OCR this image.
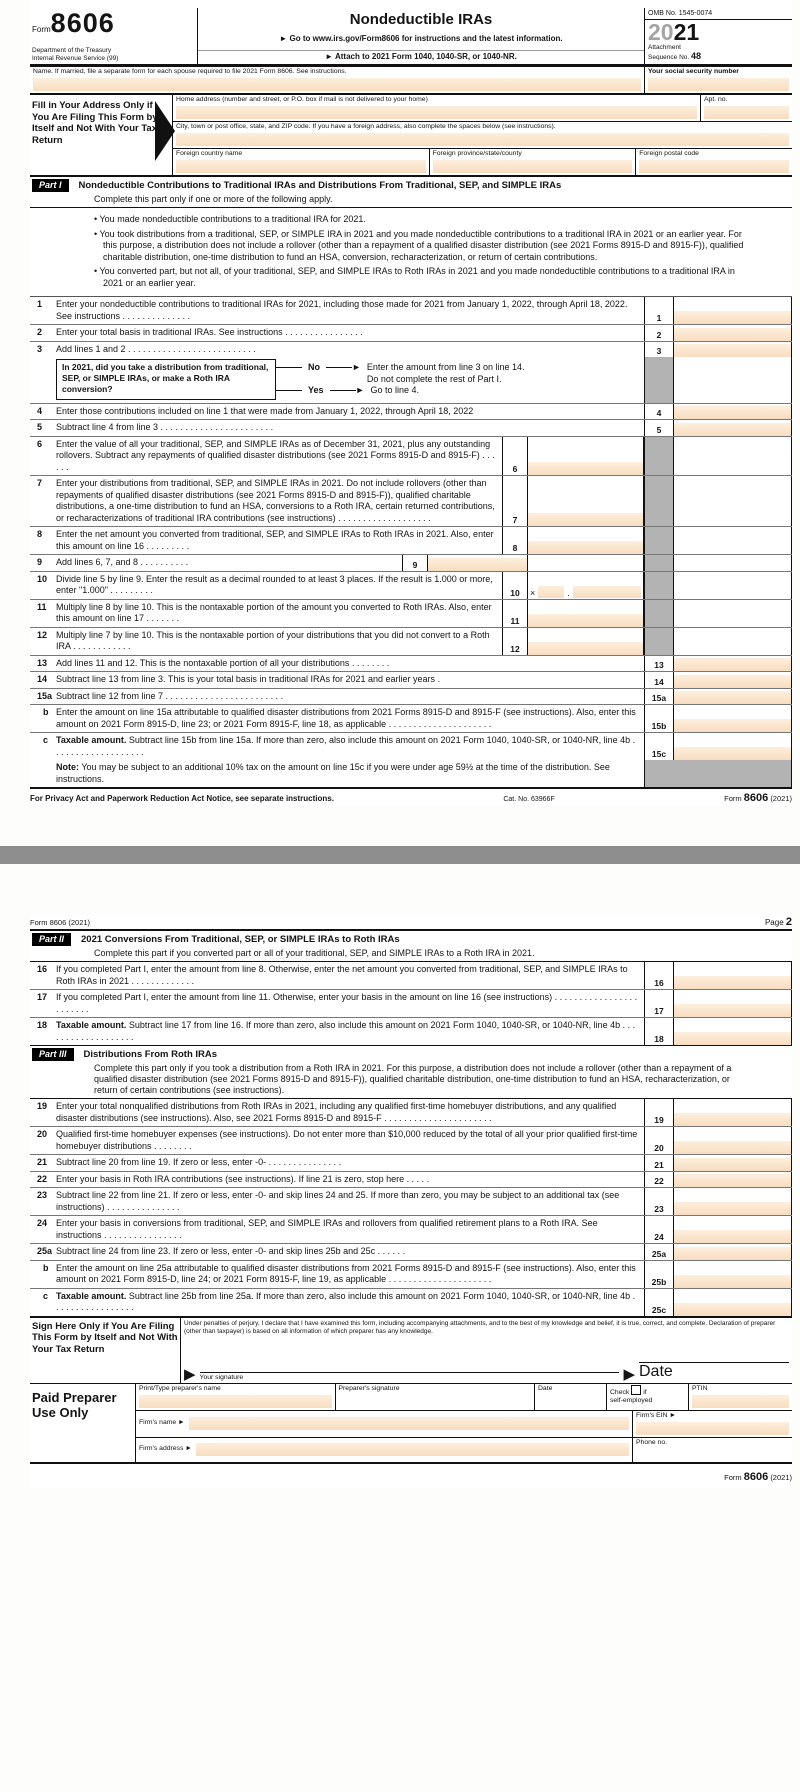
Form8606
Department of the Treasury
Internal Revenue Service (99)
Nondeductible IRAs
► Go to www.irs.gov/Form8606 for instructions and the latest information.
► Attach to 2021 Form 1040, 1040-SR, or 1040-NR.
OMB No. 1545-0074
2021
Attachment
Sequence No. 48
Name. If married, file a separate form for each spouse required to file 2021 Form 8606. See instructions.	Your social security number
Fill in Your Address Only if You Are Filing This Form by Itself and Not With Your Tax Return
Home address (number and street, or P.O. box if mail is not delivered to your home)	Apt. no.
City, town or post office, state, and ZIP code. If you have a foreign address, also complete the spaces below (see instructions).
Foreign country name	Foreign province/state/county	Foreign postal code
Part I	Nondeductible Contributions to Traditional IRAs and Distributions From Traditional, SEP, and SIMPLE IRAs
Complete this part only if one or more of the following apply.
• You made nondeductible contributions to a traditional IRA for 2021.
• You took distributions from a traditional, SEP, or SIMPLE IRA in 2021 and you made nondeductible contributions to a traditional IRA in 2021 or an earlier year. For this purpose, a distribution does not include a rollover (other than a repayment of a qualified disaster distribution (see 2021 Forms 8915-D and 8915-F)), qualified charitable distribution, one-time distribution to fund an HSA, conversion, recharacterization, or return of certain contributions.
• You converted part, but not all, of your traditional, SEP, and SIMPLE IRAs to Roth IRAs in 2021 and you made nondeductible contributions to a traditional IRA in 2021 or an earlier year.
1	Enter your nondeductible contributions to traditional IRAs for 2021, including those made for 2021 from January 1, 2022, through April 18, 2022. See instructions . . . . . . . . . . . . . .	1
2	Enter your total basis in traditional IRAs. See instructions . . . . . . . . . . . . . . . .	2
3	Add lines 1 and 2 . . . . . . . . . . . . . . . . . . . . . . . . . .	3
In 2021, did you take a distribution from traditional, SEP, or SIMPLE IRAs, or make a Roth IRA conversion?
No	► Enter the amount from line 3 on line 14.
Do not complete the rest of Part I.
Yes	► Go to line 4.
4	Enter those contributions included on line 1 that were made from January 1, 2022, through April 18, 2022	4
5	Subtract line 4 from line 3 . . . . . . . . . . . . . . . . . . . . . . .	5
6	Enter the value of all your traditional, SEP, and SIMPLE IRAs as of December 31, 2021, plus any outstanding rollovers. Subtract any repayments of qualified disaster distributions (see 2021 Forms 8915-D and 8915-F) . . . . . .	6
7	Enter your distributions from traditional, SEP, and SIMPLE IRAs in 2021. Do not include rollovers (other than repayments of qualified disaster distributions (see 2021 Forms 8915-D and 8915-F)), qualified charitable distributions, a one-time distribution to fund an HSA, conversions to a Roth IRA, certain returned contributions, or recharacterizations of traditional IRA contributions (see instructions) . . . . . . . . . . . . . . . . . . .	7
8	Enter the net amount you converted from traditional, SEP, and SIMPLE IRAs to Roth IRAs in 2021. Also, enter this amount on line 16 . . . . . . . . .	8
9	Add lines 6, 7, and 8 . . . . . . . . . .	9
10 Divide line 5 by line 9. Enter the result as a decimal rounded to at least 3 places. If the result is 1.000 or more, enter "1.000" . . . . . . . . .	10	×	.
11	Multiply line 8 by line 10. This is the nontaxable portion of the amount you converted to Roth IRAs. Also, enter this amount on line 17 . . . . . . .	11
12 Multiply line 7 by line 10. This is the nontaxable portion of your distributions that you did not convert to a Roth IRA . . . . . . . . . . . .	12
13 Add lines 11 and 12. This is the nontaxable portion of all your distributions . . . . . . . .	13
14 Subtract line 13 from line 3. This is your total basis in traditional IRAs for 2021 and earlier years .	14
15a Subtract line 12 from line 7 . . . . . . . . . . . . . . . . . . . . . . . .	15a
b Enter the amount on line 15a attributable to qualified disaster distributions from 2021 Forms 8915-D and 8915-F (see instructions). Also, enter this amount on 2021 Form 8915-D, line 23; or 2021 Form 8915-F, line 18, as applicable . . . . . . . . . . . . . . . . . . . . .	15b
c Taxable amount. Subtract line 15b from line 15a. If more than zero, also include this amount on 2021 Form 1040, 1040-SR, or 1040-NR, line 4b . . . . . . . . . . . . . . . . . . .	15c
Note: You may be subject to an additional 10% tax on the amount on line 15c if you were under age 59½ at the time of the distribution. See instructions.
For Privacy Act and Paperwork Reduction Act Notice, see separate instructions.	Cat. No. 63966F	Form 8606 (2021)
Form 8606 (2021)	Page 2
Part II	2021 Conversions From Traditional, SEP, or SIMPLE IRAs to Roth IRAs
Complete this part if you converted part or all of your traditional, SEP, and SIMPLE IRAs to a Roth IRA in 2021.
16 If you completed Part I, enter the amount from line 8. Otherwise, enter the net amount you converted from traditional, SEP, and SIMPLE IRAs to Roth IRAs in 2021 . . . . . . . . . . . . .	16
17 If you completed Part I, enter the amount from line 11. Otherwise, enter your basis in the amount on line 16 (see instructions) . . . . . . . . . . . . . . . . . . . . . . . .	17
18 Taxable amount. Subtract line 17 from line 16. If more than zero, also include this amount on 2021 Form 1040, 1040-SR, or 1040-NR, line 4b . . . . . . . . . . . . . . . . . . .	18
Part III	Distributions From Roth IRAs
Complete this part only if you took a distribution from a Roth IRA in 2021. For this purpose, a distribution does not include a rollover (other than a repayment of a qualified disaster distribution (see 2021 Forms 8915-D and 8915-F)), qualified charitable distribution, one-time distribution to fund an HSA, recharacterization, or return of certain contributions (see instructions).
19 Enter your total nonqualified distributions from Roth IRAs in 2021, including any qualified first-time homebuyer distributions, and any qualified disaster distributions (see instructions). Also, see 2021 Forms 8915-D and 8915-F . . . . . . . . . . . . . . . . . . . . . .	19
20 Qualified first-time homebuyer expenses (see instructions). Do not enter more than $10,000 reduced by the total of all your prior qualified first-time homebuyer distributions . . . . . . . .	20
21 Subtract line 20 from line 19. If zero or less, enter -0- . . . . . . . . . . . . . . .	21
22 Enter your basis in Roth IRA contributions (see instructions). If line 21 is zero, stop here . . . . .	22
23 Subtract line 22 from line 21. If zero or less, enter -0- and skip lines 24 and 25. If more than zero, you may be subject to an additional tax (see instructions) . . . . . . . . . . . . . . .	23
24 Enter your basis in conversions from traditional, SEP, and SIMPLE IRAs and rollovers from qualified retirement plans to a Roth IRA. See instructions . . . . . . . . . . . . . . . .	24
25a Subtract line 24 from line 23. If zero or less, enter -0- and skip lines 25b and 25c . . . . . .	25a
b Enter the amount on line 25a attributable to qualified disaster distributions from 2021 Forms 8915-D and 8915-F (see instructions). Also, enter this amount on 2021 Form 8915-D, line 24; or 2021 Form 8915-F, line 19, as applicable . . . . . . . . . . . . . . . . . . . . .	25b
c Taxable amount. Subtract line 25b from line 25a. If more than zero, also include this amount on 2021 Form 1040, 1040-SR, or 1040-NR, line 4b . . . . . . . . . . . . . . . . .	25c
Sign Here Only if You Are Filing This Form by Itself and Not With Your Tax Return
Under penalties of perjury, I declare that I have examined this form, including accompanying attachments, and to the best of my knowledge and belief, it is true, correct, and complete. Declaration of preparer (other than taxpayer) is based on all information of which preparer has any knowledge.
▶ Your signature	▶ Date
Paid Preparer Use Only
Print/Type preparer's name	Preparer's signature	Date
Check if
self-employed
PTIN
Firm's name ►
Firm's EIN ►
Firm's address ►
Phone no.
Form 8606 (2021)
